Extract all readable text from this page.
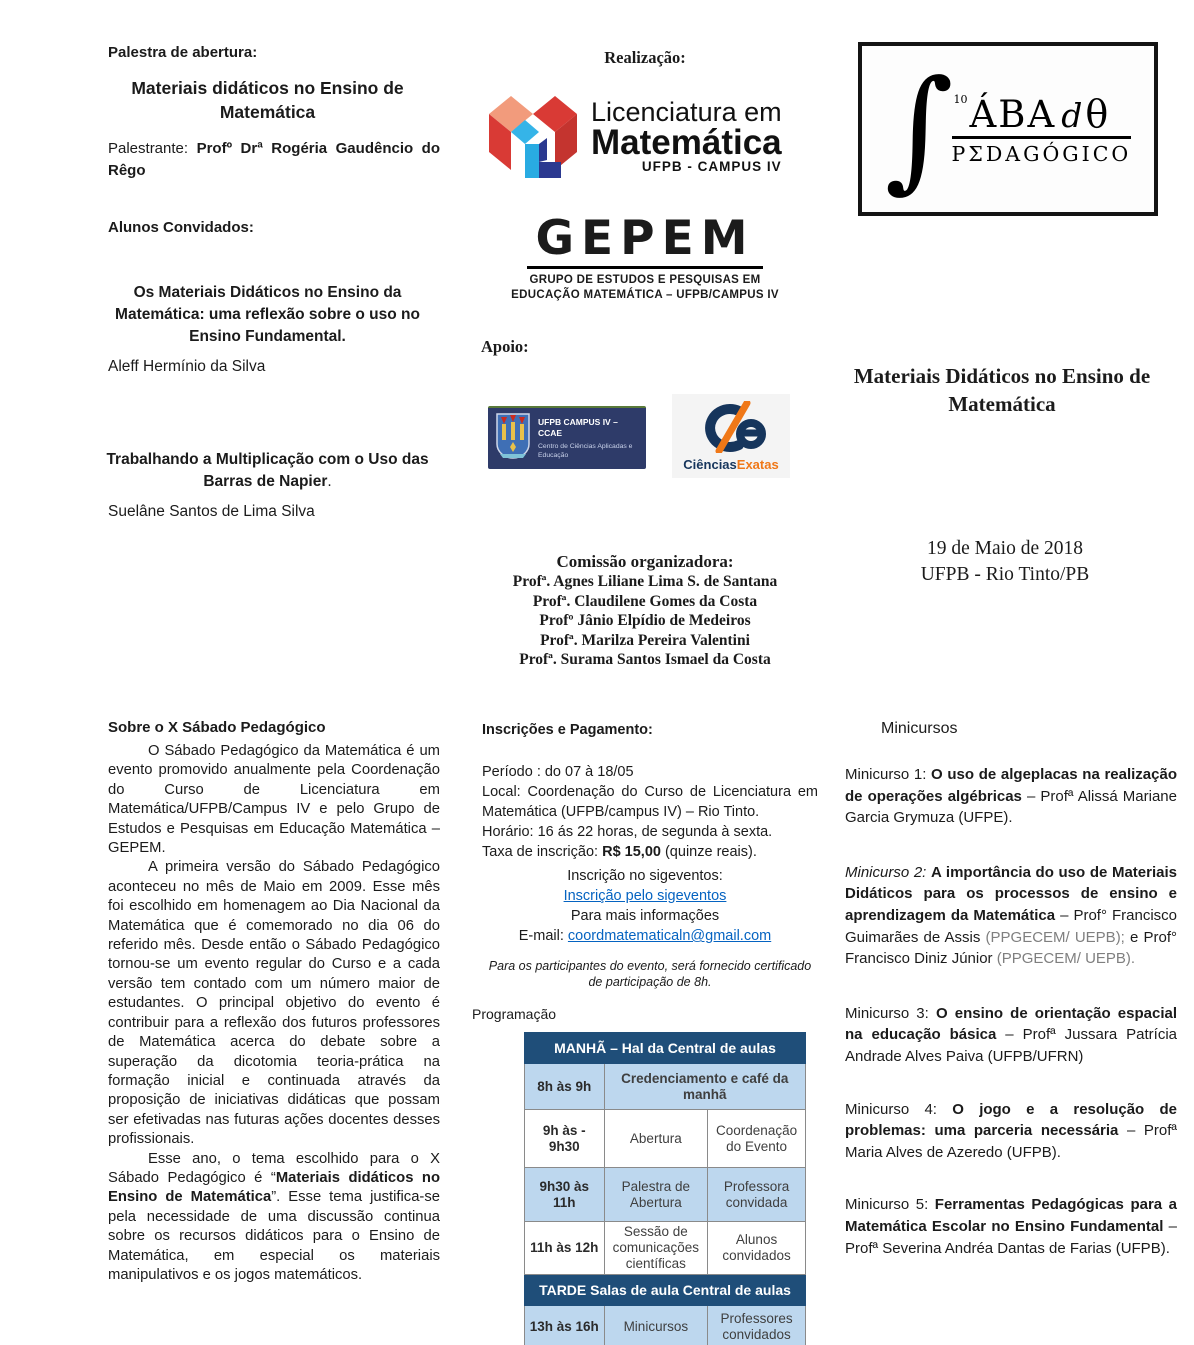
Palestra de abertura:
Materiais didáticos no Ensino de Matemática
Palestrante: Profº Drª Rogéria Gaudêncio do Rêgo
Alunos Convidados:
Os Materiais Didáticos no Ensino da Matemática: uma reflexão sobre o uso no Ensino Fundamental.
Aleff Hermínio da Silva
Trabalhando a Multiplicação com o Uso das Barras de Napier.
Suelâne Santos de Lima Silva
Sobre o X Sábado Pedagógico

O Sábado Pedagógico da Matemática é um evento promovido anualmente pela Coordenação do Curso de Licenciatura em Matemática/UFPB/Campus IV e pelo Grupo de Estudos e Pesquisas em Educação Matemática – GEPEM.

A primeira versão do Sábado Pedagógico aconteceu no mês de Maio em 2009. Esse mês foi escolhido em homenagem ao Dia Nacional da Matemática que é comemorado no dia 06 do referido mês. Desde então o Sábado Pedagógico tornou-se um evento regular do Curso e a cada versão tem contado com um número maior de estudantes. O principal objetivo do evento é contribuir para a reflexão dos futuros professores de Matemática acerca do debate sobre a superação da dicotomia teoria-prática na formação inicial e continuada através da proposição de iniciativas didáticas que possam ser efetivadas nas futuras ações docentes desses profissionais.

Esse ano, o tema escolhido para o X Sábado Pedagógico é “Materiais didáticos no Ensino de Matemática”. Esse tema justifica-se pela necessidade de uma discussão continua sobre os recursos didáticos para o Ensino de Matemática, em especial os materiais manipulativos e os jogos matemáticos.

Realização:
Licenciatura em
Matemática
UFPB - CAMPUS IV
GEPEM
GRUPO DE ESTUDOS E PESQUISAS EM
EDUCAÇÃO MATEMÁTICA – UFPB/CAMPUS IV
Apoio:
UFPB CAMPUS IV – CCAE
Centro de Ciências Aplicadas e Educação
CiênciasExatas
Comissão organizadora:
Profª. Agnes Liliane Lima S. de Santana
Profª. Claudilene Gomes da Costa
Profº Jânio Elpídio de Medeiros
Profª. Marilza Pereira Valentini
Profª. Surama Santos Ismael da Costa
Inscrições e Pagamento:
Período : do 07 à 18/05
Local: Coordenação do Curso de Licenciatura em Matemática (UFPB/campus IV) – Rio Tinto.
Horário: 16 ás 22 horas, de segunda à sexta.
Taxa de inscrição: R$ 15,00 (quinze reais).
Inscrição no sigeventos:
Inscrição pelo sigeventos
Para mais informações
E-mail: coordmatematicaln@gmail.com
Para os participantes do evento, será fornecido certificado de participação de 8h.
Programação
MANHÃ – Hal da Central de aulas		
8h às 9h	Credenciamento e café da manhã	
9h às - 9h30	Abertura	Coordenação do Evento
9h30 às 11h	Palestra de Abertura	Professora convidada
11h às 12h	Sessão de comunicações científicas	Alunos convidados
TARDE Salas de aula Central de aulas		
13h às 16h	Minicursos	Professores convidados
∫ 10 ÁBA d θ
PΣDAGÓGICO
Materiais Didáticos no Ensino de Matemática
19 de Maio de 2018
UFPB - Rio Tinto/PB
Minicursos

Minicurso 1: O uso de algeplacas na realização de operações algébricas – Profª Alissá Mariane Garcia Grymuza (UFPE).

Minicurso 2: A importância do uso de Materiais Didáticos para os processos de ensino e aprendizagem da Matemática – Prof° Francisco Guimarães de Assis (PPGECEM/ UEPB); e Prof° Francisco Diniz Júnior (PPGECEM/ UEPB).

Minicurso 3: O ensino de orientação espacial na educação básica – Profª Jussara Patrícia Andrade Alves Paiva (UFPB/UFRN)

Minicurso 4: O jogo e a resolução de problemas: uma parceria necessária – Profª Maria Alves de Azeredo (UFPB).

Minicurso 5: Ferramentas Pedagógicas para a Matemática Escolar no Ensino Fundamental – Profª Severina Andréa Dantas de Farias (UFPB).
